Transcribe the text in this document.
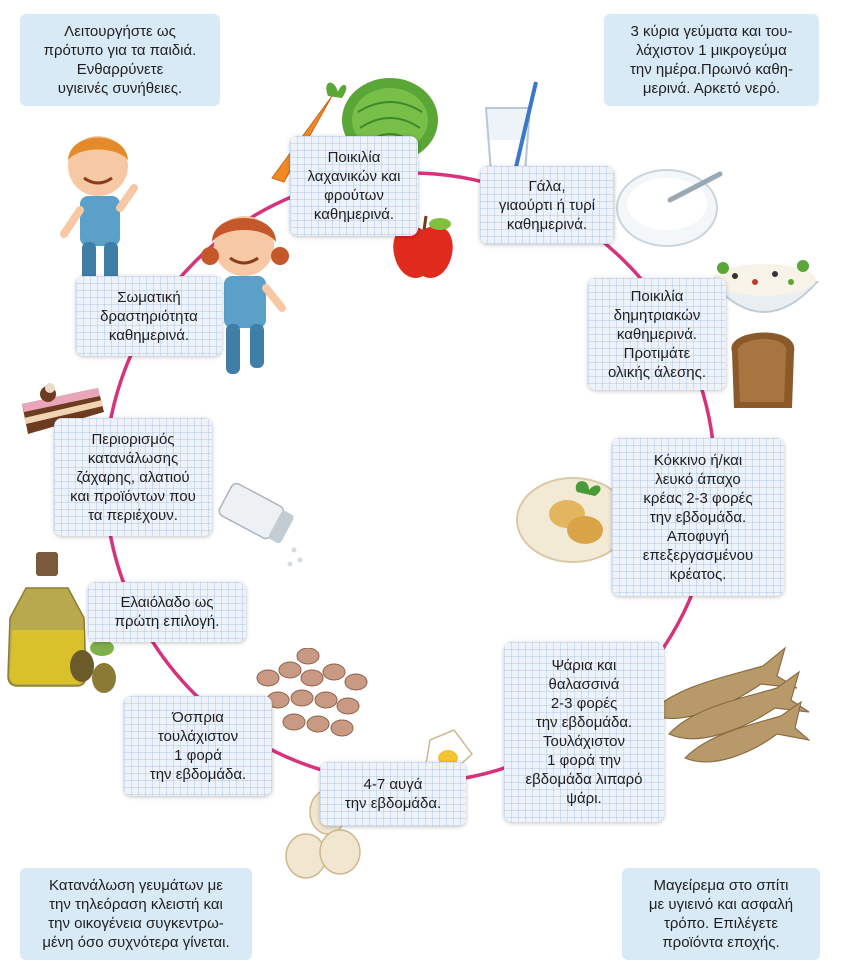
Λειτουργήστε ως
πρότυπο για τα παιδιά.
Ενθαρρύνετε
υγιεινές συνήθειες.
3 κύρια γεύματα και του-
λάχιστον 1 μικρογεύμα
την ημέρα.Πρωινό καθη-
μερινά. Αρκετό νερό.
Κατανάλωση γευμάτων με
την τηλεόραση κλειστή και
την οικογένεια συγκεντρω-
μένη όσο συχνότερα γίνεται.
Μαγείρεμα στο σπίτι
με υγιεινό και ασφαλή
τρόπο. Επιλέγετε
προϊόντα εποχής.
Ποικιλία
λαχανικών και
φρούτων
καθημερινά.
Γάλα,
γιαούρτι ή τυρί
καθημερινά.
Ποικιλία
δημητριακών
καθημερινά.
Προτιμάτε
ολικής άλεσης.
Κόκκινο ή/και
λευκό άπαχο
κρέας 2-3 φορές
την εβδομάδα.
Αποφυγή
επεξεργασμένου
κρέατος.
Ψάρια και
θαλασσινά
2-3 φορές
την εβδομάδα.
Τουλάχιστον
1 φορά την
εβδομάδα λιπαρό
ψάρι.
4-7 αυγά
την εβδομάδα.
Όσπρια
τουλάχιστον
1 φορά
την εβδομάδα.
Ελαιόλαδο ως
πρώτη επιλογή.
Περιορισμός
κατανάλωσης
ζάχαρης, αλατιού
και προϊόντων που
τα περιέχουν.
Σωματική
δραστηριότητα
καθημερινά.
